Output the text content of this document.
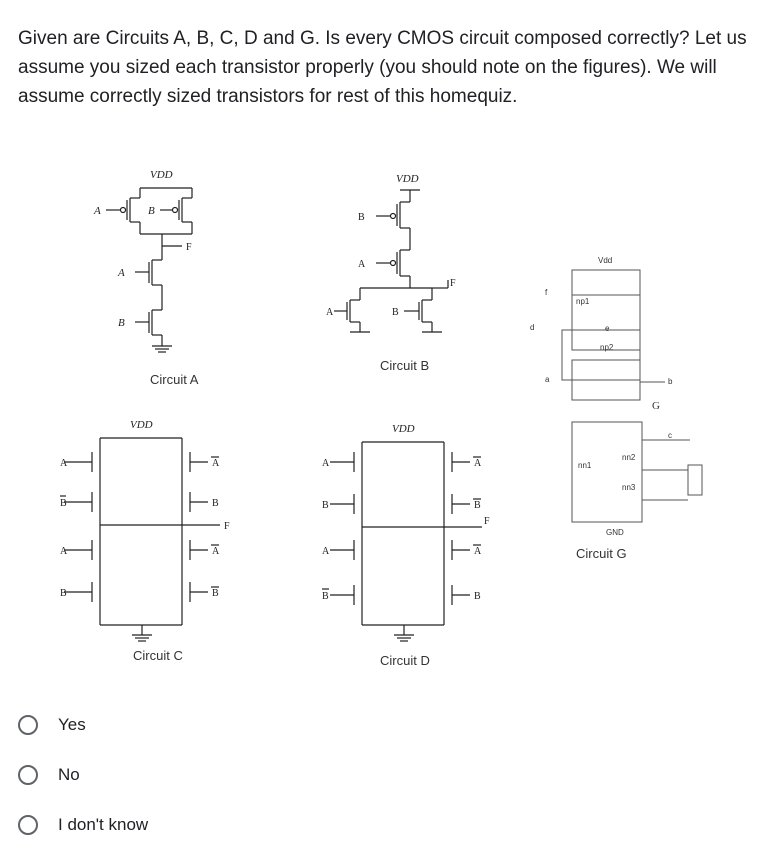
Given are Circuits A, B, C, D and G. Is every CMOS circuit composed correctly? Let us assume you sized each transistor properly (you should note on the figures). We will assume correctly sized transistors for rest of this homequiz.

VDD
A	B
F
A
B
Circuit A
VDD
B
A
F
A	B
Circuit B
VDD
F
A
B
A
B
A
B
A
B
Circuit C
VDD
F
A
B
A
B
A
B
A
B
Circuit D
Vdd
np1
np2
e
f
d
a	b
G
c
nn1
nn2
nn3
GND
Circuit G
Yes
No
I don't know
